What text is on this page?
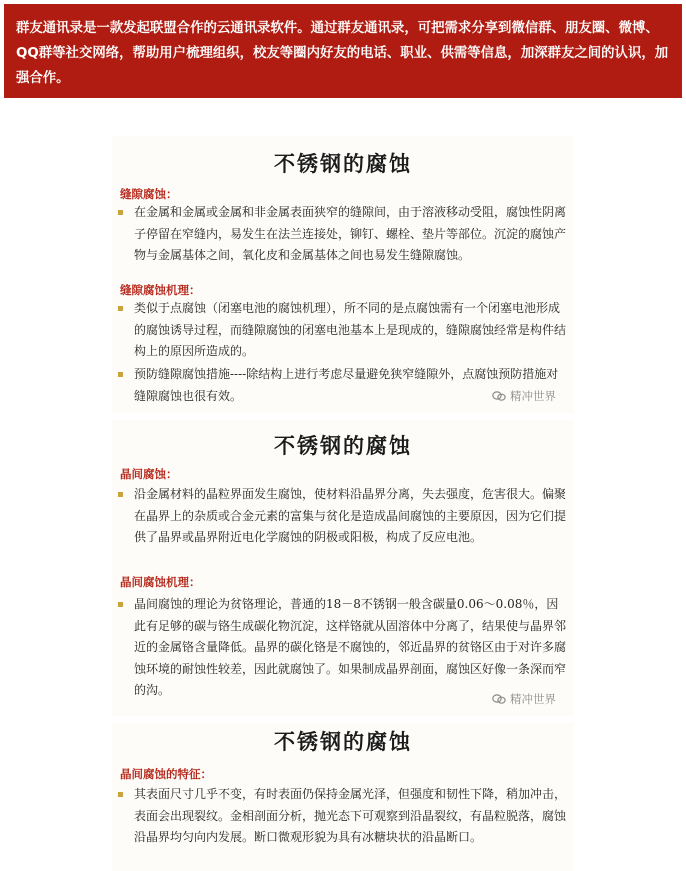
群友通讯录是一款发起联盟合作的云通讯录软件。通过群友通讯录，可把需求分享到微信群、朋友圈、微博、QQ群等社交网络，帮助用户梳理组织，校友等圈内好友的电话、职业、供需等信息，加深群友之间的认识，加强合作。
不锈钢的腐蚀
缝隙腐蚀：
在金属和金属或金属和非金属表面狭窄的缝隙间，由于溶液移动受阻，腐蚀性阴离子停留在窄缝内，易发生在法兰连接处，铆钉、螺栓、垫片等部位。沉淀的腐蚀产物与金属基体之间，氧化皮和金属基体之间也易发生缝隙腐蚀。
缝隙腐蚀机理：
类似于点腐蚀（闭塞电池的腐蚀机理），所不同的是点腐蚀需有一个闭塞电池形成的腐蚀诱导过程，而缝隙腐蚀的闭塞电池基本上是现成的，缝隙腐蚀经常是构件结构上的原因所造成的。
预防缝隙腐蚀措施----除结构上进行考虑尽量避免狭窄缝隙外，点腐蚀预防措施对缝隙腐蚀也很有效。	精冲世界
不锈钢的腐蚀
晶间腐蚀：
沿金属材料的晶粒界面发生腐蚀，使材料沿晶界分离，失去强度，危害很大。偏聚在晶界上的杂质或合金元素的富集与贫化是造成晶间腐蚀的主要原因，因为它们提供了晶界或晶界附近电化学腐蚀的阴极或阳极，构成了反应电池。
晶间腐蚀机理：
晶间腐蚀的理论为贫铬理论，普通的18－8不锈钢一般含碳量0.06～0.08％，因此有足够的碳与铬生成碳化物沉淀，这样铬就从固溶体中分离了，结果使与晶界邻近的金属铬含量降低。晶界的碳化铬是不腐蚀的，邻近晶界的贫铬区由于对许多腐蚀环境的耐蚀性较差，因此就腐蚀了。如果制成晶界剖面，腐蚀区好像一条深而窄的沟。
精冲世界
不锈钢的腐蚀
晶间腐蚀的特征：
其表面尺寸几乎不变，有时表面仍保持金属光泽，但强度和韧性下降，稍加冲击，表面会出现裂纹。金相剖面分析，抛光态下可观察到沿晶裂纹，有晶粒脱落，腐蚀沿晶界均匀向内发展。断口微观形貌为具有冰糖块状的沿晶断口。
